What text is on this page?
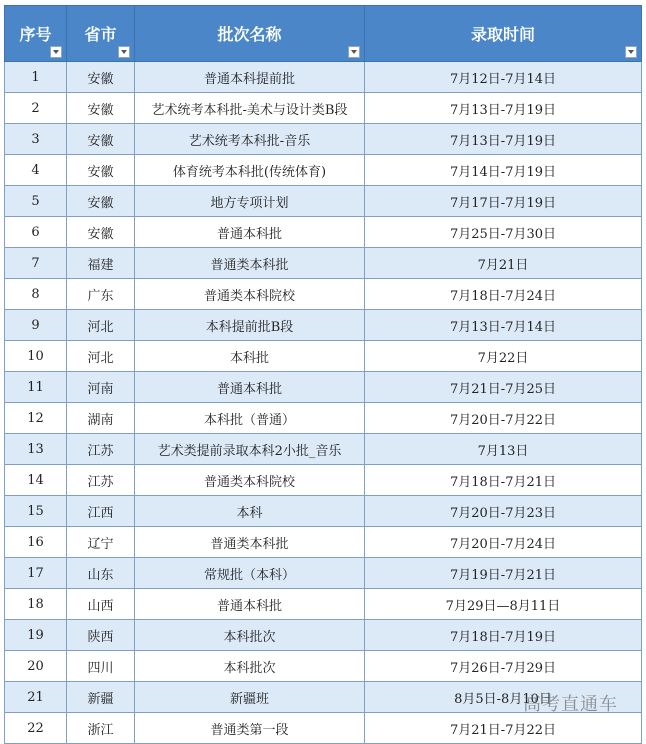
序号	省市	批次名称	录取时间

1	安徽	普通本科提前批	7月12日-7月14日
2	安徽	艺术统考本科批-美术与设计类B段	7月13日-7月19日
3	安徽	艺术统考本科批-音乐	7月13日-7月19日
4	安徽	体育统考本科批(传统体育)	7月14日-7月19日
5	安徽	地方专项计划	7月17日-7月19日
6	安徽	普通本科批	7月25日-7月30日
7	福建	普通类本科批	7月21日
8	广东	普通类本科院校	7月18日-7月24日
9	河北	本科提前批B段	7月13日-7月14日
10	河北	本科批	7月22日
11	河南	普通本科批	7月21日-7月25日
12	湖南	本科批（普通）	7月20日-7月22日
13	江苏	艺术类提前录取本科2小批_音乐	7月13日
14	江苏	普通类本科院校	7月18日-7月21日
15	江西	本科	7月20日-7月23日
16	辽宁	普通类本科批	7月20日-7月24日
17	山东	常规批（本科）	7月19日-7月21日
18	山西	普通本科批	7月29日—8月11日
19	陕西	本科批次	7月18日-7月19日
20	四川	本科批次	7月26日-7月29日
21	新疆	新疆班	8月5日-8月10日
22	浙江	普通类第一段	7月21日-7月22日
高考直通车
